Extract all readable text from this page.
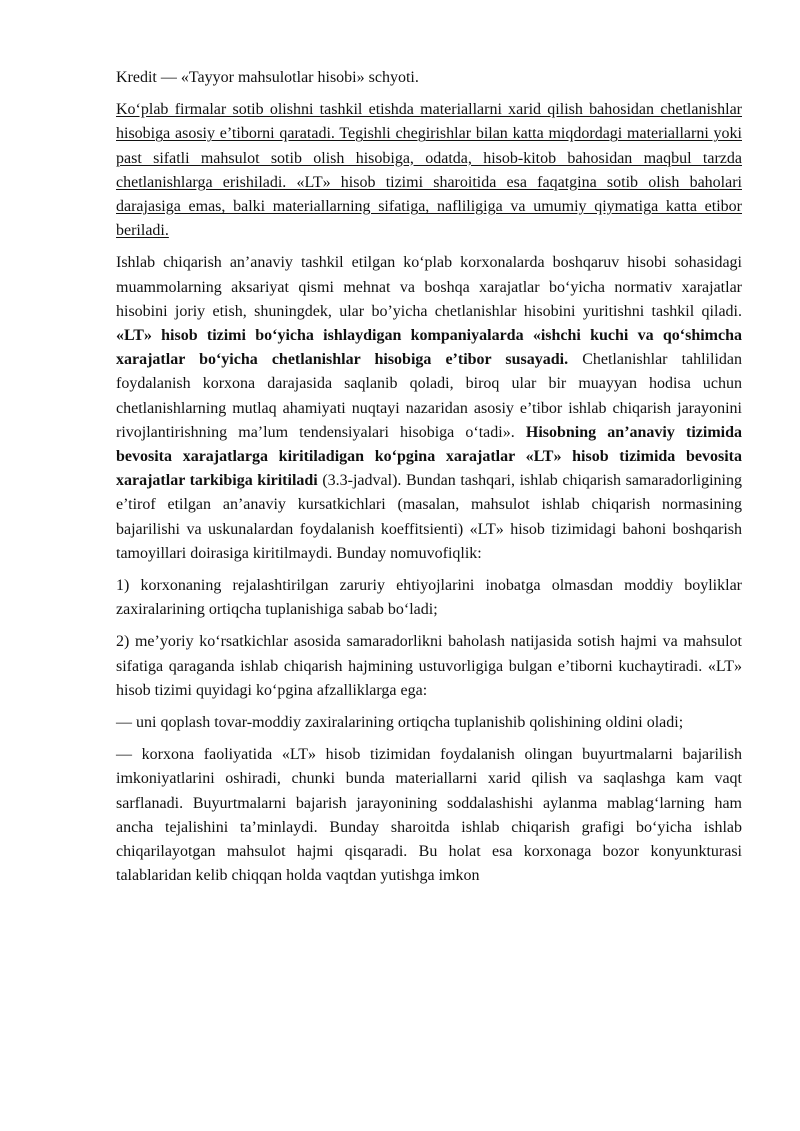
Kredit — «Tayyor mahsulotlar hisobi» schyoti.

Ko‘plab firmalar sotib olishni tashkil etishda materiallarni xarid qilish bahosidan chetlanishlar hisobiga asosiy e’tiborni qaratadi. Tegishli chegirishlar bilan katta miqdordagi materiallarni yoki past sifatli mahsulot sotib olish hisobiga, odatda, hisob-kitob bahosidan maqbul tarzda chetlanishlarga erishiladi. «LT» hisob tizimi sharoitida esa faqatgina sotib olish baholari darajasiga emas, balki materiallarning sifatiga, nafliligiga va umumiy qiymatiga katta etibor beriladi.

Ishlab chiqarish an’anaviy tashkil etilgan ko‘plab korxonalarda boshqaruv hisobi sohasidagi muammolarning aksariyat qismi mehnat va boshqa xarajatlar bo‘yicha normativ xarajatlar hisobini joriy etish, shuningdek, ular bo’yicha chetlanishlar hisobini yuritishni tashkil qiladi. «LT» hisob tizimi bo‘yicha ishlaydigan kompaniyalarda «ishchi kuchi va qo‘shimcha xarajatlar bo‘yicha chetlanishlar hisobiga e’tibor susayadi. Chetlanishlar tahlilidan foydalanish korxona darajasida saqlanib qoladi, biroq ular bir muayyan hodisa uchun chetlanishlarning mutlaq ahamiyati nuqtayi nazaridan asosiy e’tibor ishlab chiqarish jarayonini rivojlantirishning ma’lum tendensiyalari hisobiga o‘tadi». Hisobning an’anaviy tizimida bevosita xarajatlarga kiritiladigan ko‘pgina xarajatlar «LT» hisob tizimida bevosita xarajatlar tarkibiga kiritiladi (3.3-jadval). Bundan tashqari, ishlab chiqarish samaradorligining e’tirof etilgan an’anaviy kursatkichlari (masalan, mahsulot ishlab chiqarish normasining bajarilishi va uskunalardan foydalanish koeffitsienti) «LT» hisob tizimidagi bahoni boshqarish tamoyillari doirasiga kiritilmaydi. Bunday nomuvofiqlik:

1) korxonaning rejalashtirilgan zaruriy ehtiyojlarini inobatga olmasdan moddiy boyliklar zaxiralarining ortiqcha tuplanishiga sabab bo‘ladi;

2) me’yoriy ko‘rsatkichlar asosida samaradorlikni baholash natijasida sotish hajmi va mahsulot sifatiga qaraganda ishlab chiqarish hajmining ustuvorligiga bulgan e’tiborni kuchaytiradi. «LT» hisob tizimi quyidagi ko‘pgina afzalliklarga ega:

— uni qoplash tovar-moddiy zaxiralarining ortiqcha tuplanishib qolishining oldini oladi;

— korxona faoliyatida «LT» hisob tizimidan foydalanish olingan buyurtmalarni bajarilish imkoniyatlarini oshiradi, chunki bunda materiallarni xarid qilish va saqlashga kam vaqt sarflanadi. Buyurtmalarni bajarish jarayonining soddalashishi aylanma mablag‘larning ham ancha tejalishini ta’minlaydi. Bunday sharoitda ishlab chiqarish grafigi bo‘yicha ishlab chiqarilayotgan mahsulot hajmi qisqaradi. Bu holat esa korxonaga bozor konyunkturasi talablaridan kelib chiqqan holda vaqtdan yutishga imkon
